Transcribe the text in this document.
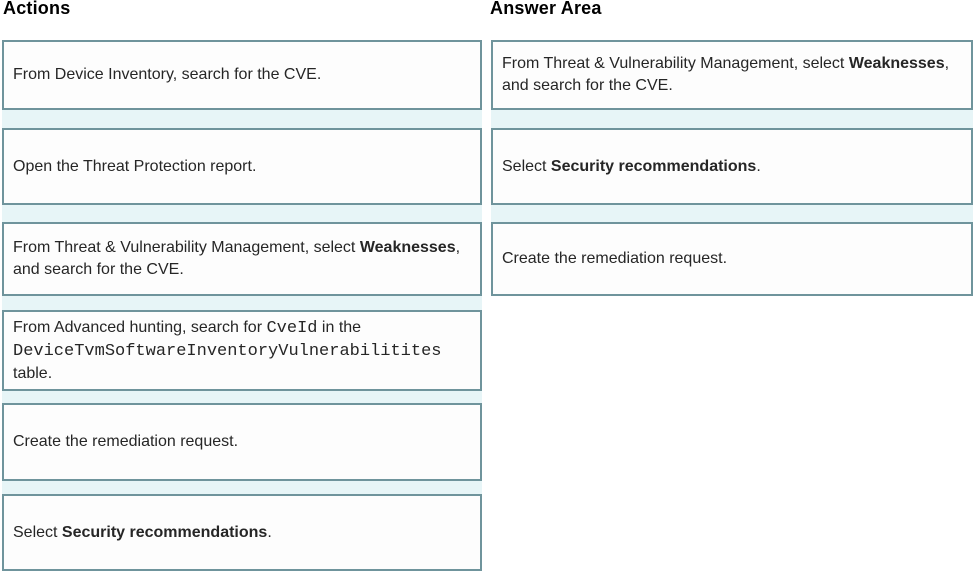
Actions	Answer Area
From Device Inventory, search for the CVE.
Open the Threat Protection report.
From Threat & Vulnerability Management, select Weaknesses, and search for the CVE.
From Advanced hunting, search for CveId in the DeviceTvmSoftwareInventoryVulnerabilitites table.
Create the remediation request.
Select Security recommendations.
From Threat & Vulnerability Management, select Weaknesses, and search for the CVE.
Select Security recommendations.
Create the remediation request.
